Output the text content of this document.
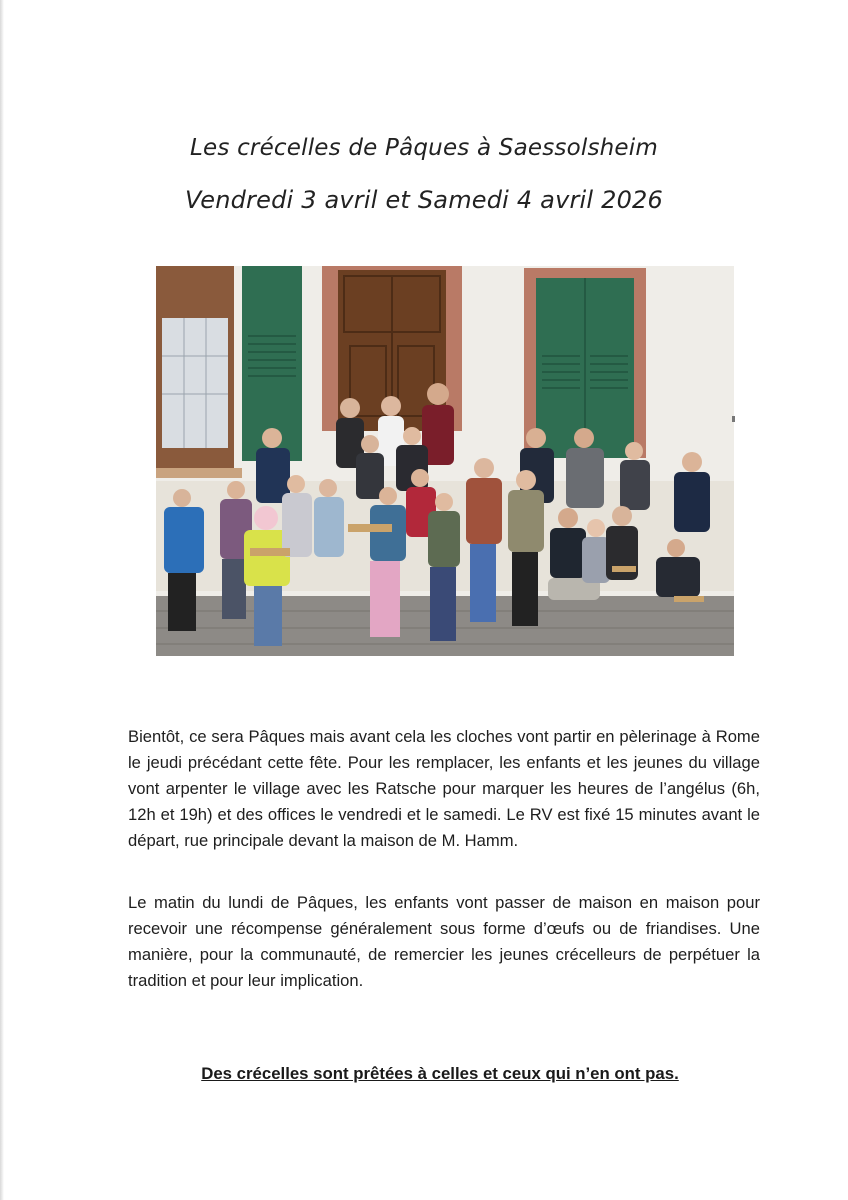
Les crécelles de Pâques à Saessolsheim
Vendredi 3 avril et Samedi 4 avril 2026

Bientôt, ce sera Pâques mais avant cela les cloches vont partir en pèlerinage à Rome le jeudi précédant cette fête. Pour les remplacer, les enfants et les jeunes du village vont arpenter le village avec les Ratsche pour marquer les heures de l’angélus (6h, 12h et 19h) et des offices le vendredi et le samedi. Le RV est fixé 15 minutes avant le départ, rue principale devant la maison de M. Hamm.

Le matin du lundi de Pâques, les enfants vont passer de maison en maison pour recevoir une récompense généralement sous forme d’œufs ou de friandises. Une manière, pour la communauté, de remercier les jeunes crécelleurs de perpétuer la tradition et pour leur implication.

Des crécelles sont prêtées à celles et ceux qui n’en ont pas.
